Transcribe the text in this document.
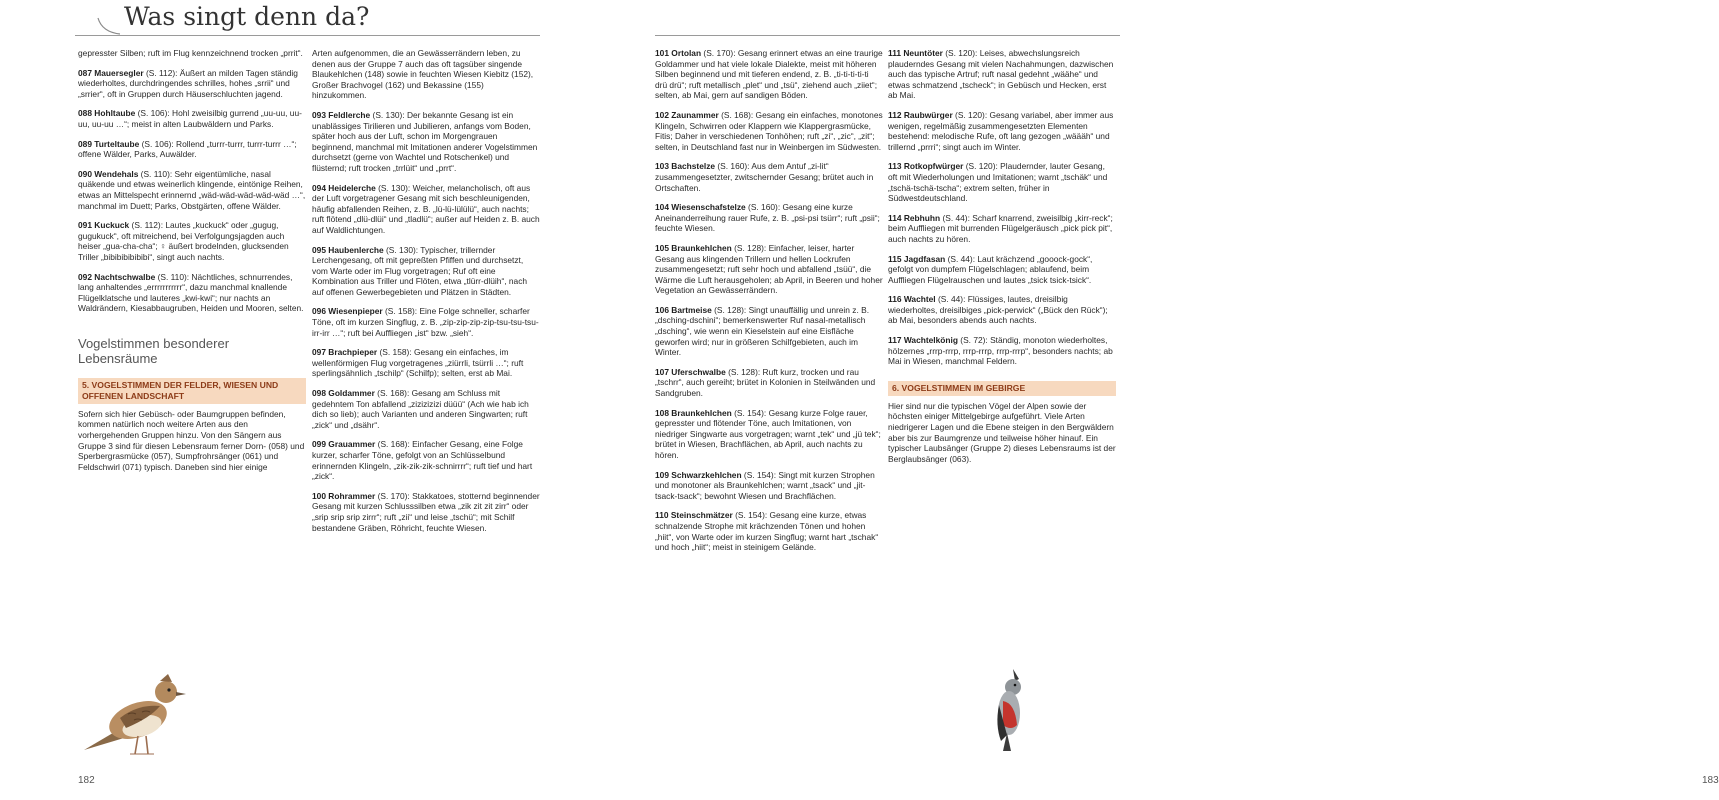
Was singt denn da?
gepresster Silben; ruft im Flug kennzeichnend trocken „prrit“.
087 Mauersegler (S. 112): Äußert an milden Tagen ständig wiederholtes, durchdringendes schrilles, hohes „srrii“ und „srrier“, oft in Gruppen durch Häuserschluchten jagend.
088 Hohltaube (S. 106): Hohl zweisilbig gurrend „uu-uu, uu-uu, uu-uu …“; meist in alten Laubwäldern und Parks.
089 Turteltaube (S. 106): Rollend „turrr-turrr, turrr-turrr …“; offene Wälder, Parks, Auwälder.
090 Wendehals (S. 110): Sehr eigentümliche, nasal quäkende und etwas weinerlich klingende, eintönige Reihen, etwas an Mittelspecht erinnernd „wäd-wäd-wäd-wäd-wäd …“, manchmal im Duett; Parks, Obstgärten, offene Wälder.
091 Kuckuck (S. 112): Lautes „kuckuck“ oder „gugug, gugukuck“, oft mitreichend, bei Verfolgungsjagden auch heiser „gua-cha-cha“; ♀ äußert brodelnden, glucksenden Triller „bibibibibibibi“, singt auch nachts.
092 Nachtschwalbe (S. 110): Nächtliches, schnurrendes, lang anhaltendes „errrrrrrrrrr“, dazu manchmal knallende Flügelklatsche und lauteres „kwi-kwi“; nur nachts an Waldrändern, Kiesabbaugruben, Heiden und Mooren, selten.
Vogelstimmen besonderer Lebensräume
5. VOGELSTIMMEN DER FELDER, WIESEN UND OFFENEN LANDSCHAFT
Sofern sich hier Gebüsch- oder Baumgruppen befinden, kommen natürlich noch weitere Arten aus den vorhergehenden Gruppen hinzu. Von den Sängern aus Gruppe 3 sind für diesen Lebensraum ferner Dorn- (058) und Sperbergrasmücke (057), Sumpfrohrsänger (061) und Feldschwirl (071) typisch. Daneben sind hier einige
Arten aufgenommen, die an Gewässerrändern leben, zu denen aus der Gruppe 7 auch das oft tagsüber singende Blaukehlchen (148) sowie in feuchten Wiesen Kiebitz (152), Großer Brachvogel (162) und Bekassine (155) hinzukommen.
093 Feldlerche (S. 130): Der bekannte Gesang ist ein unablässiges Tirilieren und Jubilieren, anfangs vom Boden, später hoch aus der Luft, schon im Morgengrauen beginnend, manchmal mit Imitationen anderer Vogelstimmen durchsetzt (gerne von Wachtel und Rotschenkel) und flüsternd; ruft trocken „trrlüit“ und „prrt“.
094 Heidelerche (S. 130): Weicher, melancholisch, oft aus der Luft vorgetragener Gesang mit sich beschleunigenden, häufig abfallenden Reihen, z. B. „lü-lü-lülülü“, auch nachts; ruft flötend „dlü-dlüi“ und „tladlü“; außer auf Heiden z. B. auch auf Waldlichtungen.
095 Haubenlerche (S. 130): Typischer, trillernder Lerchengesang, oft mit gepreßten Pfiffen und durchsetzt, vom Warte oder im Flug vorgetragen; Ruf oft eine Kombination aus Triller und Flöten, etwa „tlürr-dlüih“, nach auf offenen Gewerbegebieten und Plätzen in Städten.
096 Wiesenpieper (S. 158): Eine Folge schneller, scharfer Töne, oft im kurzen Singflug, z. B. „zip-zip-zip-zip-tsu-tsu-tsu-irr-irr …“; ruft bei Auffliegen „ist“ bzw. „sieh“.
097 Brachpieper (S. 158): Gesang ein einfaches, im wellenförmigen Flug vorgetragenes „ziürrli, tsürrli …“; ruft sperlingsähnlich „tschilp“ (Schilfp); selten, erst ab Mai.
098 Goldammer (S. 168): Gesang am Schluss mit gedehntem Ton abfallend „zizizizizi düüü“ (Ach wie hab ich dich so lieb); auch Varianten und anderen Singwarten; ruft „zick“ und „dsähr“.
099 Grauammer (S. 168): Einfacher Gesang, eine Folge kurzer, scharfer Töne, gefolgt von an Schlüsselbund erinnernden Klingeln, „zik-zik-zik-schnirrrr“; ruft tief und hart „zick“.
100 Rohrammer (S. 170): Stakkatoes, stotternd beginnender Gesang mit kurzen Schlusssilben etwa „zik zit zit zirr“ oder „srip srip srip zirrr“; ruft „zii“ und leise „tschü“; mit Schilf bestandene Gräben, Röhricht, feuchte Wiesen.
182
101 Ortolan (S. 170): Gesang erinnert etwas an eine traurige Goldammer und hat viele lokale Dialekte, meist mit höheren Silben beginnend und mit tieferen endend, z. B. „ti-ti-ti-ti-ti drü drü“; ruft metallisch „plet“ und „tsü“, ziehend auch „ziiet“; selten, ab Mai, gern auf sandigen Böden.
102 Zaunammer (S. 168): Gesang ein einfaches, monotones Klingeln, Schwirren oder Klappern wie Klappergrasmücke, Fitis; Daher in verschiedenen Tonhöhen; ruft „zi“, „zic“, „zit“; selten, in Deutschland fast nur in Weinbergen im Südwesten.
103 Bachstelze (S. 160): Aus dem Antuf „zi-lit“ zusammengesetzter, zwitschernder Gesang; brütet auch in Ortschaften.
104 Wiesenschafstelze (S. 160): Gesang eine kurze Aneinanderreihung rauer Rufe, z. B. „psi-psi tsürr“; ruft „psii“; feuchte Wiesen.
105 Braunkehlchen (S. 128): Einfacher, leiser, harter Gesang aus klingenden Trillern und hellen Lockrufen zusammengesetzt; ruft sehr hoch und abfallend „tsüü“, die Wärme die Luft herausgeholen; ab April, in Beeren und hoher Vegetation an Gewässerrändern.
106 Bartmeise (S. 128): Singt unauffällig und unrein z. B. „dsching-dschini“; bemerkenswerter Ruf nasal-metallisch „dsching“, wie wenn ein Kieselstein auf eine Eisfläche geworfen wird; nur in größeren Schilfgebieten, auch im Winter.
107 Uferschwalbe (S. 128): Ruft kurz, trocken und rau „tschrr“, auch gereiht; brütet in Kolonien in Steilwänden und Sandgruben.
108 Braunkehlchen (S. 154): Gesang kurze Folge rauer, gepresster und flötender Töne, auch Imitationen, von niedriger Singwarte aus vorgetragen; warnt „tek“ und „jü tek“; brütet in Wiesen, Brachflächen, ab April, auch nachts zu hören.
109 Schwarzkehlchen (S. 154): Singt mit kurzen Strophen und monotoner als Braunkehlchen; warnt „tsack“ und „jit-tsack-tsack“; bewohnt Wiesen und Brachflächen.
110 Steinschmätzer (S. 154): Gesang eine kurze, etwas schnalzende Strophe mit krächzenden Tönen und hohen „hiit“, von Warte oder im kurzen Singflug; warnt hart „tschak“ und hoch „hiit“; meist in steinigem Gelände.
111 Neuntöter (S. 120): Leises, abwechslungsreich plauderndes Gesang mit vielen Nachahmungen, dazwischen auch das typische Artruf; ruft nasal gedehnt „wäähe“ und etwas schmatzend „tscheck“; in Gebüsch und Hecken, erst ab Mai.
112 Raubwürger (S. 120): Gesang variabel, aber immer aus wenigen, regelmäßig zusammengesetzten Elementen bestehend: melodische Rufe, oft lang gezogen „wäääh“ und trillernd „prrri“; singt auch im Winter.
113 Rotkopfwürger (S. 120): Plaudernder, lauter Gesang, oft mit Wiederholungen und Imitationen; warnt „tschäk“ und „tschä-tschä-tscha“; extrem selten, früher in Südwestdeutschland.
114 Rebhuhn (S. 44): Scharf knarrend, zweisilbig „kirr-reck“; beim Auffliegen mit burrenden Flügelgeräusch „pick pick pit“, auch nachts zu hören.
115 Jagdfasan (S. 44): Laut krächzend „gooock-gock“, gefolgt von dumpfem Flügelschlagen; ablaufend, beim Auffliegen Flügelrauschen und lautes „tsick tsick-tsick“.
116 Wachtel (S. 44): Flüssiges, lautes, dreisilbig wiederholtes, dreisilbiges „pick-perwick“ („Bück den Rück“); ab Mai, besonders abends auch nachts.
117 Wachtelkönig (S. 72): Ständig, monoton wiederholtes, hölzernes „rrrp-rrrp, rrrp-rrrp, rrrp-rrrp“, besonders nachts; ab Mai in Wiesen, manchmal Feldern.
6. VOGELSTIMMEN IM GEBIRGE
Hier sind nur die typischen Vögel der Alpen sowie der höchsten einiger Mittelgebirge aufgeführt. Viele Arten niedrigerer Lagen und die Ebene steigen in den Bergwäldern aber bis zur Baumgrenze und teilweise höher hinauf. Ein typischer Laubsänger (Gruppe 2) dieses Lebensraums ist der Berglaubsänger (063).
183
